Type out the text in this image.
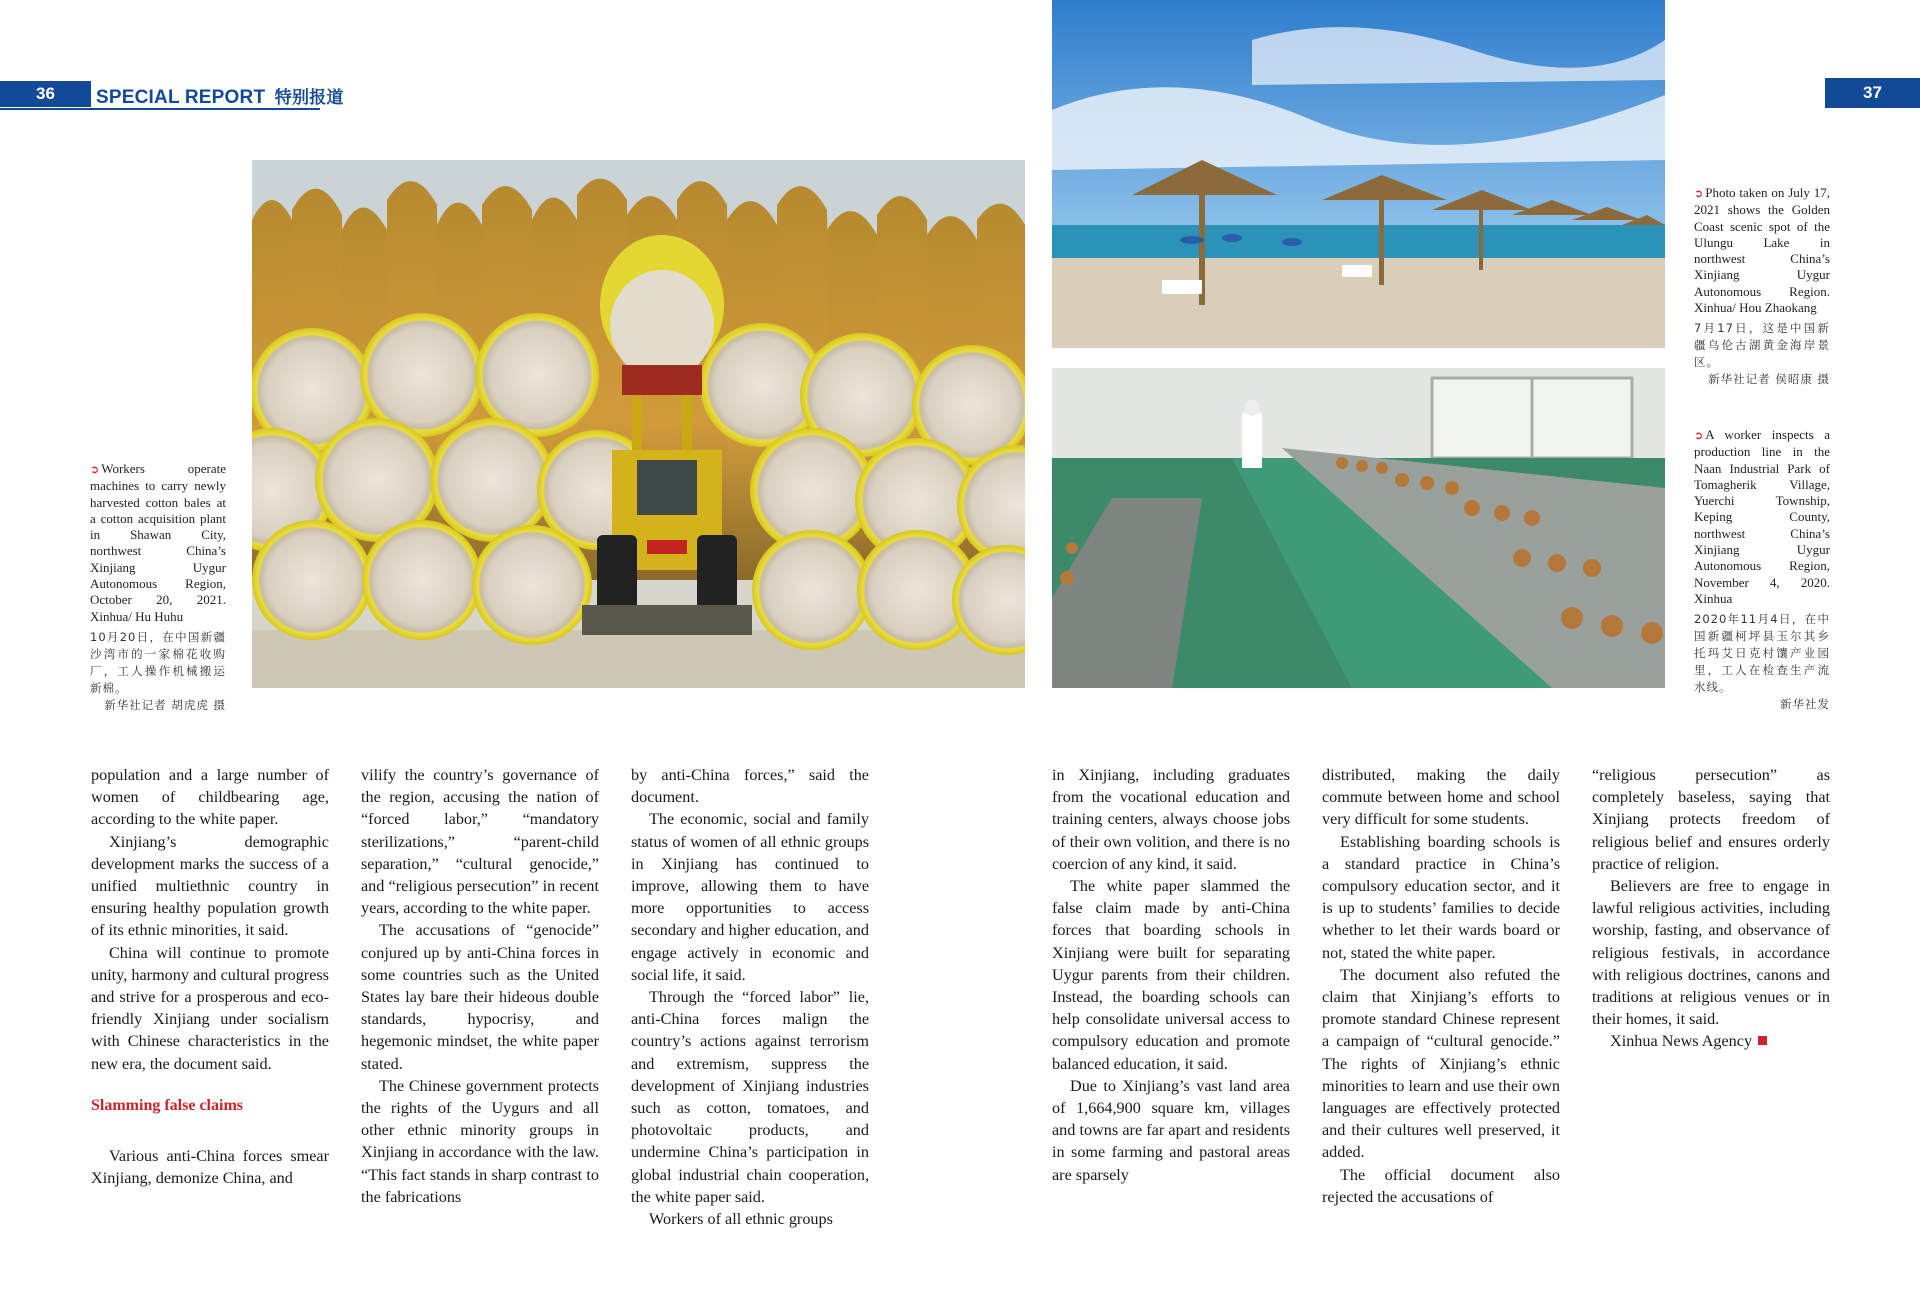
36	SPECIAL REPORT 特别报道	37
➲ Workers operate machines to carry newly harvested cotton bales at a cotton acquisition plant in Shawan City, northwest China’s Xinjiang Uygur Autonomous Region, October 20, 2021. Xinhua/ Hu Huhu
10月20日，在中国新疆沙湾市的一家棉花收购厂，工人操作机械搬运新棉。
新华社记者 胡虎虎 摄
➲ Photo taken on July 17, 2021 shows the Golden Coast scenic spot of the Ulungu Lake in northwest China’s Xinjiang Uygur Autonomous Region. Xinhua/ Hou Zhaokang
7月17日，这是中国新疆乌伦古湖黄金海岸景区。
新华社记者 侯昭康 摄
➲ A worker inspects a production line in the Naan Industrial Park of Tomagherik Village, Yuerchi Township, Keping County, northwest China’s Xinjiang Uygur Autonomous Region, November 4, 2020. Xinhua
2020年11月4日，在中国新疆柯坪县玉尔其乡托玛艾日克村馕产业园里，工人在检查生产流水线。
新华社发

population and a large number of women of childbearing age, according to the white paper.

Xinjiang’s demographic development marks the success of a unified multiethnic country in ensuring healthy population growth of its ethnic minorities, it said.

China will continue to promote unity, harmony and cultural progress and strive for a prosperous and eco-friendly Xinjiang under socialism with Chinese characteristics in the new era, the document said.

Slamming false claims

Various anti-China forces smear Xinjiang, demonize China, and

vilify the country’s governance of the region, accusing the nation of “forced labor,” “mandatory sterilizations,” “parent-child separation,” “cultural genocide,” and “religious persecution” in recent years, according to the white paper.

The accusations of “genocide” conjured up by anti-China forces in some countries such as the United States lay bare their hideous double standards, hypocrisy, and hegemonic mindset, the white paper stated.

The Chinese government protects the rights of the Uygurs and all other ethnic minority groups in Xinjiang in accordance with the law. “This fact stands in sharp contrast to the fabrications

by anti-China forces,” said the document.

The economic, social and family status of women of all ethnic groups in Xinjiang has continued to improve, allowing them to have more opportunities to access secondary and higher education, and engage actively in economic and social life, it said.

Through the “forced labor” lie, anti-China forces malign the country’s actions against terrorism and extremism, suppress the development of Xinjiang industries such as cotton, tomatoes, and photovoltaic products, and undermine China’s participation in global industrial chain cooperation, the white paper said.

Workers of all ethnic groups

in Xinjiang, including graduates from the vocational education and training centers, always choose jobs of their own volition, and there is no coercion of any kind, it said.

The white paper slammed the false claim made by anti-China forces that boarding schools in Xinjiang were built for separating Uygur parents from their children. Instead, the boarding schools can help consolidate universal access to compulsory education and promote balanced education, it said.

Due to Xinjiang’s vast land area of 1,664,900 square km, villages and towns are far apart and residents in some farming and pastoral areas are sparsely

distributed, making the daily commute between home and school very difficult for some students.

Establishing boarding schools is a standard practice in China’s compulsory education sector, and it is up to students’ families to decide whether to let their wards board or not, stated the white paper.

The document also refuted the claim that Xinjiang’s efforts to promote standard Chinese represent a campaign of “cultural genocide.” The rights of Xinjiang’s ethnic minorities to learn and use their own languages are effectively protected and their cultures well preserved, it added.

The official document also rejected the accusations of

“religious persecution” as completely baseless, saying that Xinjiang protects freedom of religious belief and ensures orderly practice of religion.

Believers are free to engage in lawful religious activities, including worship, fasting, and observance of religious festivals, in accordance with religious doctrines, canons and traditions at religious venues or in their homes, it said.

Xinhua News Agency
